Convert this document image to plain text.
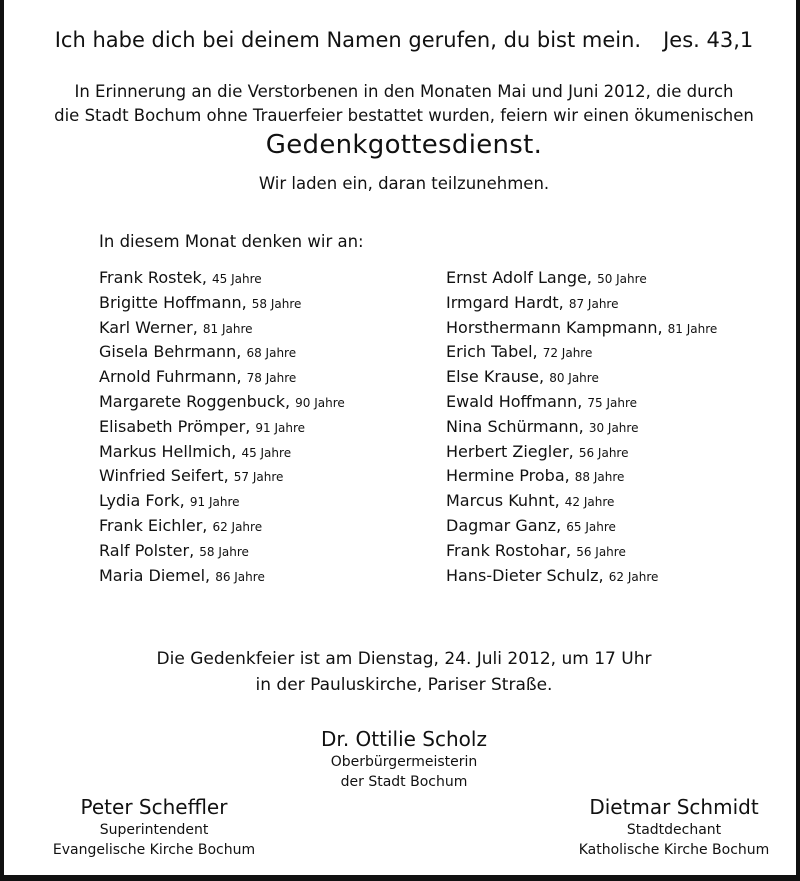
Ich habe dich bei deinem Namen gerufen, du bist mein. Jes. 43,1
In Erinnerung an die Verstorbenen in den Monaten Mai und Juni 2012, die durch
die Stadt Bochum ohne Trauerfeier bestattet wurden, feiern wir einen ökumenischen
Gedenkgottesdienst.
Wir laden ein, daran teilzunehmen.
In diesem Monat denken wir an:
Frank Rostek, 45 Jahre
Brigitte Hoffmann, 58 Jahre
Karl Werner, 81 Jahre
Gisela Behrmann, 68 Jahre
Arnold Fuhrmann, 78 Jahre
Margarete Roggenbuck, 90 Jahre
Elisabeth Prömper, 91 Jahre
Markus Hellmich, 45 Jahre
Winfried Seifert, 57 Jahre
Lydia Fork, 91 Jahre
Frank Eichler, 62 Jahre
Ralf Polster, 58 Jahre
Maria Diemel, 86 Jahre
Ernst Adolf Lange, 50 Jahre
Irmgard Hardt, 87 Jahre
Horsthermann Kampmann, 81 Jahre
Erich Tabel, 72 Jahre
Else Krause, 80 Jahre
Ewald Hoffmann, 75 Jahre
Nina Schürmann, 30 Jahre
Herbert Ziegler, 56 Jahre
Hermine Proba, 88 Jahre
Marcus Kuhnt, 42 Jahre
Dagmar Ganz, 65 Jahre
Frank Rostohar, 56 Jahre
Hans-Dieter Schulz, 62 Jahre
Die Gedenkfeier ist am Dienstag, 24. Juli 2012, um 17 Uhr
in der Pauluskirche, Pariser Straße.
Dr. Ottilie Scholz
Oberbürgermeisterin
der Stadt Bochum
Peter Scheffler
Superintendent
Evangelische Kirche Bochum
Dietmar Schmidt
Stadtdechant
Katholische Kirche Bochum
